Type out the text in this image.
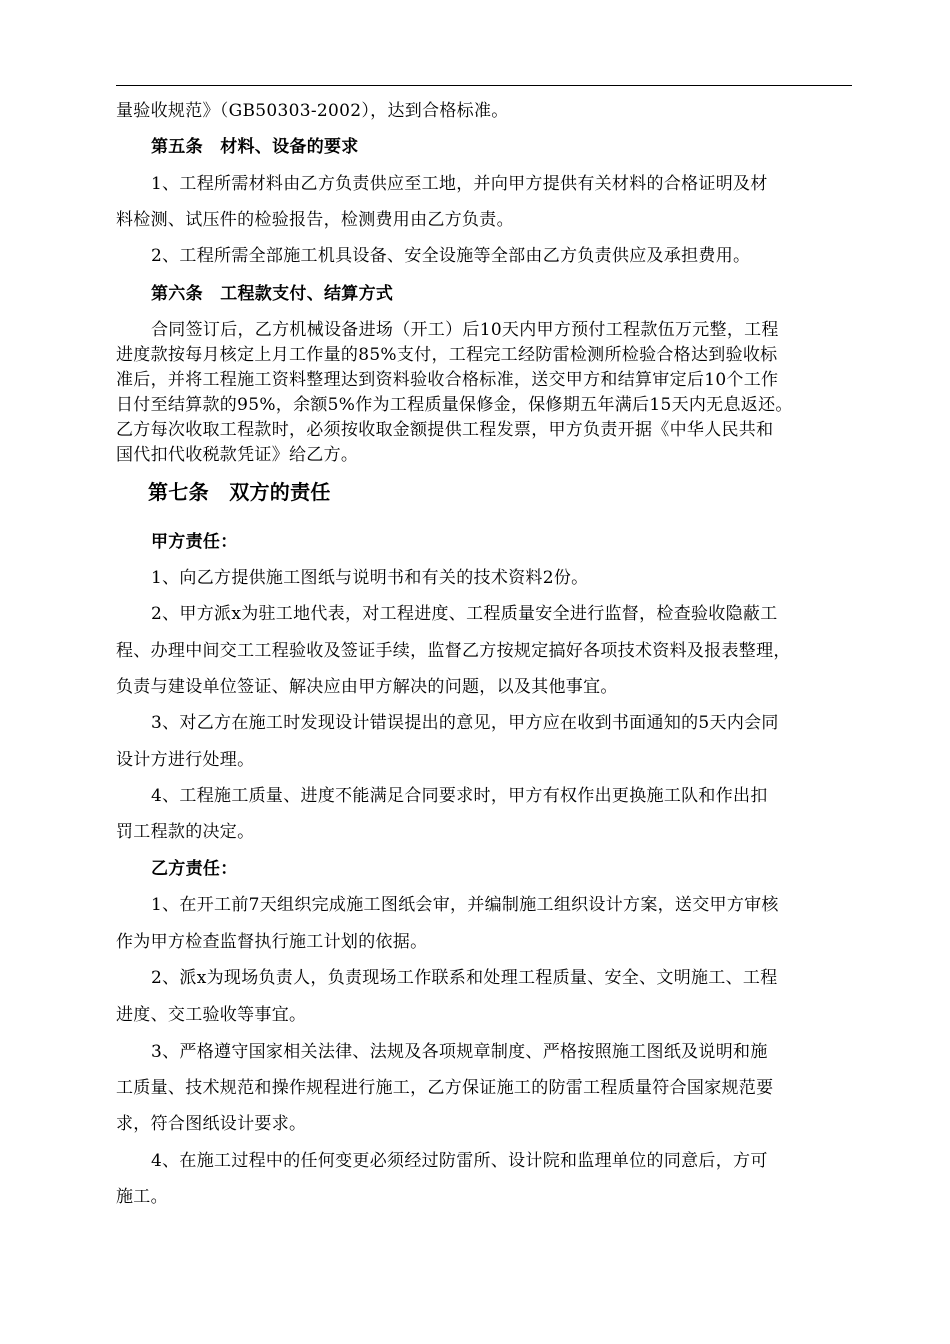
量验收规范》（GB50303-2002），达到合格标准。
第五条　材料、设备的要求
1、工程所需材料由乙方负责供应至工地，并向甲方提供有关材料的合格证明及材
料检测、试压件的检验报告，检测费用由乙方负责。
2、工程所需全部施工机具设备、安全设施等全部由乙方负责供应及承担费用。
第六条　工程款支付、结算方式
合同签订后，乙方机械设备进场（开工）后10天内甲方预付工程款伍万元整，工程
进度款按每月核定上月工作量的85%支付，工程完工经防雷检测所检验合格达到验收标
准后，并将工程施工资料整理达到资料验收合格标准，送交甲方和结算审定后10个工作
日付至结算款的95%，余额5%作为工程质量保修金，保修期五年满后15天内无息返还。
乙方每次收取工程款时，必须按收取金额提供工程发票，甲方负责开据《中华人民共和
国代扣代收税款凭证》给乙方。
第七条　双方的责任
甲方责任：
1、向乙方提供施工图纸与说明书和有关的技术资料2份。
2、甲方派x为驻工地代表，对工程进度、工程质量安全进行监督，检查验收隐蔽工
程、办理中间交工工程验收及签证手续，监督乙方按规定搞好各项技术资料及报表整理，
负责与建设单位签证、解决应由甲方解决的问题，以及其他事宜。
3、对乙方在施工时发现设计错误提出的意见，甲方应在收到书面通知的5天内会同
设计方进行处理。
4、工程施工质量、进度不能满足合同要求时，甲方有权作出更换施工队和作出扣
罚工程款的决定。
乙方责任：
1、在开工前7天组织完成施工图纸会审，并编制施工组织设计方案，送交甲方审核
作为甲方检查监督执行施工计划的依据。
2、派x为现场负责人，负责现场工作联系和处理工程质量、安全、文明施工、工程
进度、交工验收等事宜。
3、严格遵守国家相关法律、法规及各项规章制度、严格按照施工图纸及说明和施
工质量、技术规范和操作规程进行施工，乙方保证施工的防雷工程质量符合国家规范要
求，符合图纸设计要求。
4、在施工过程中的任何变更必须经过防雷所、设计院和监理单位的同意后，方可
施工。
